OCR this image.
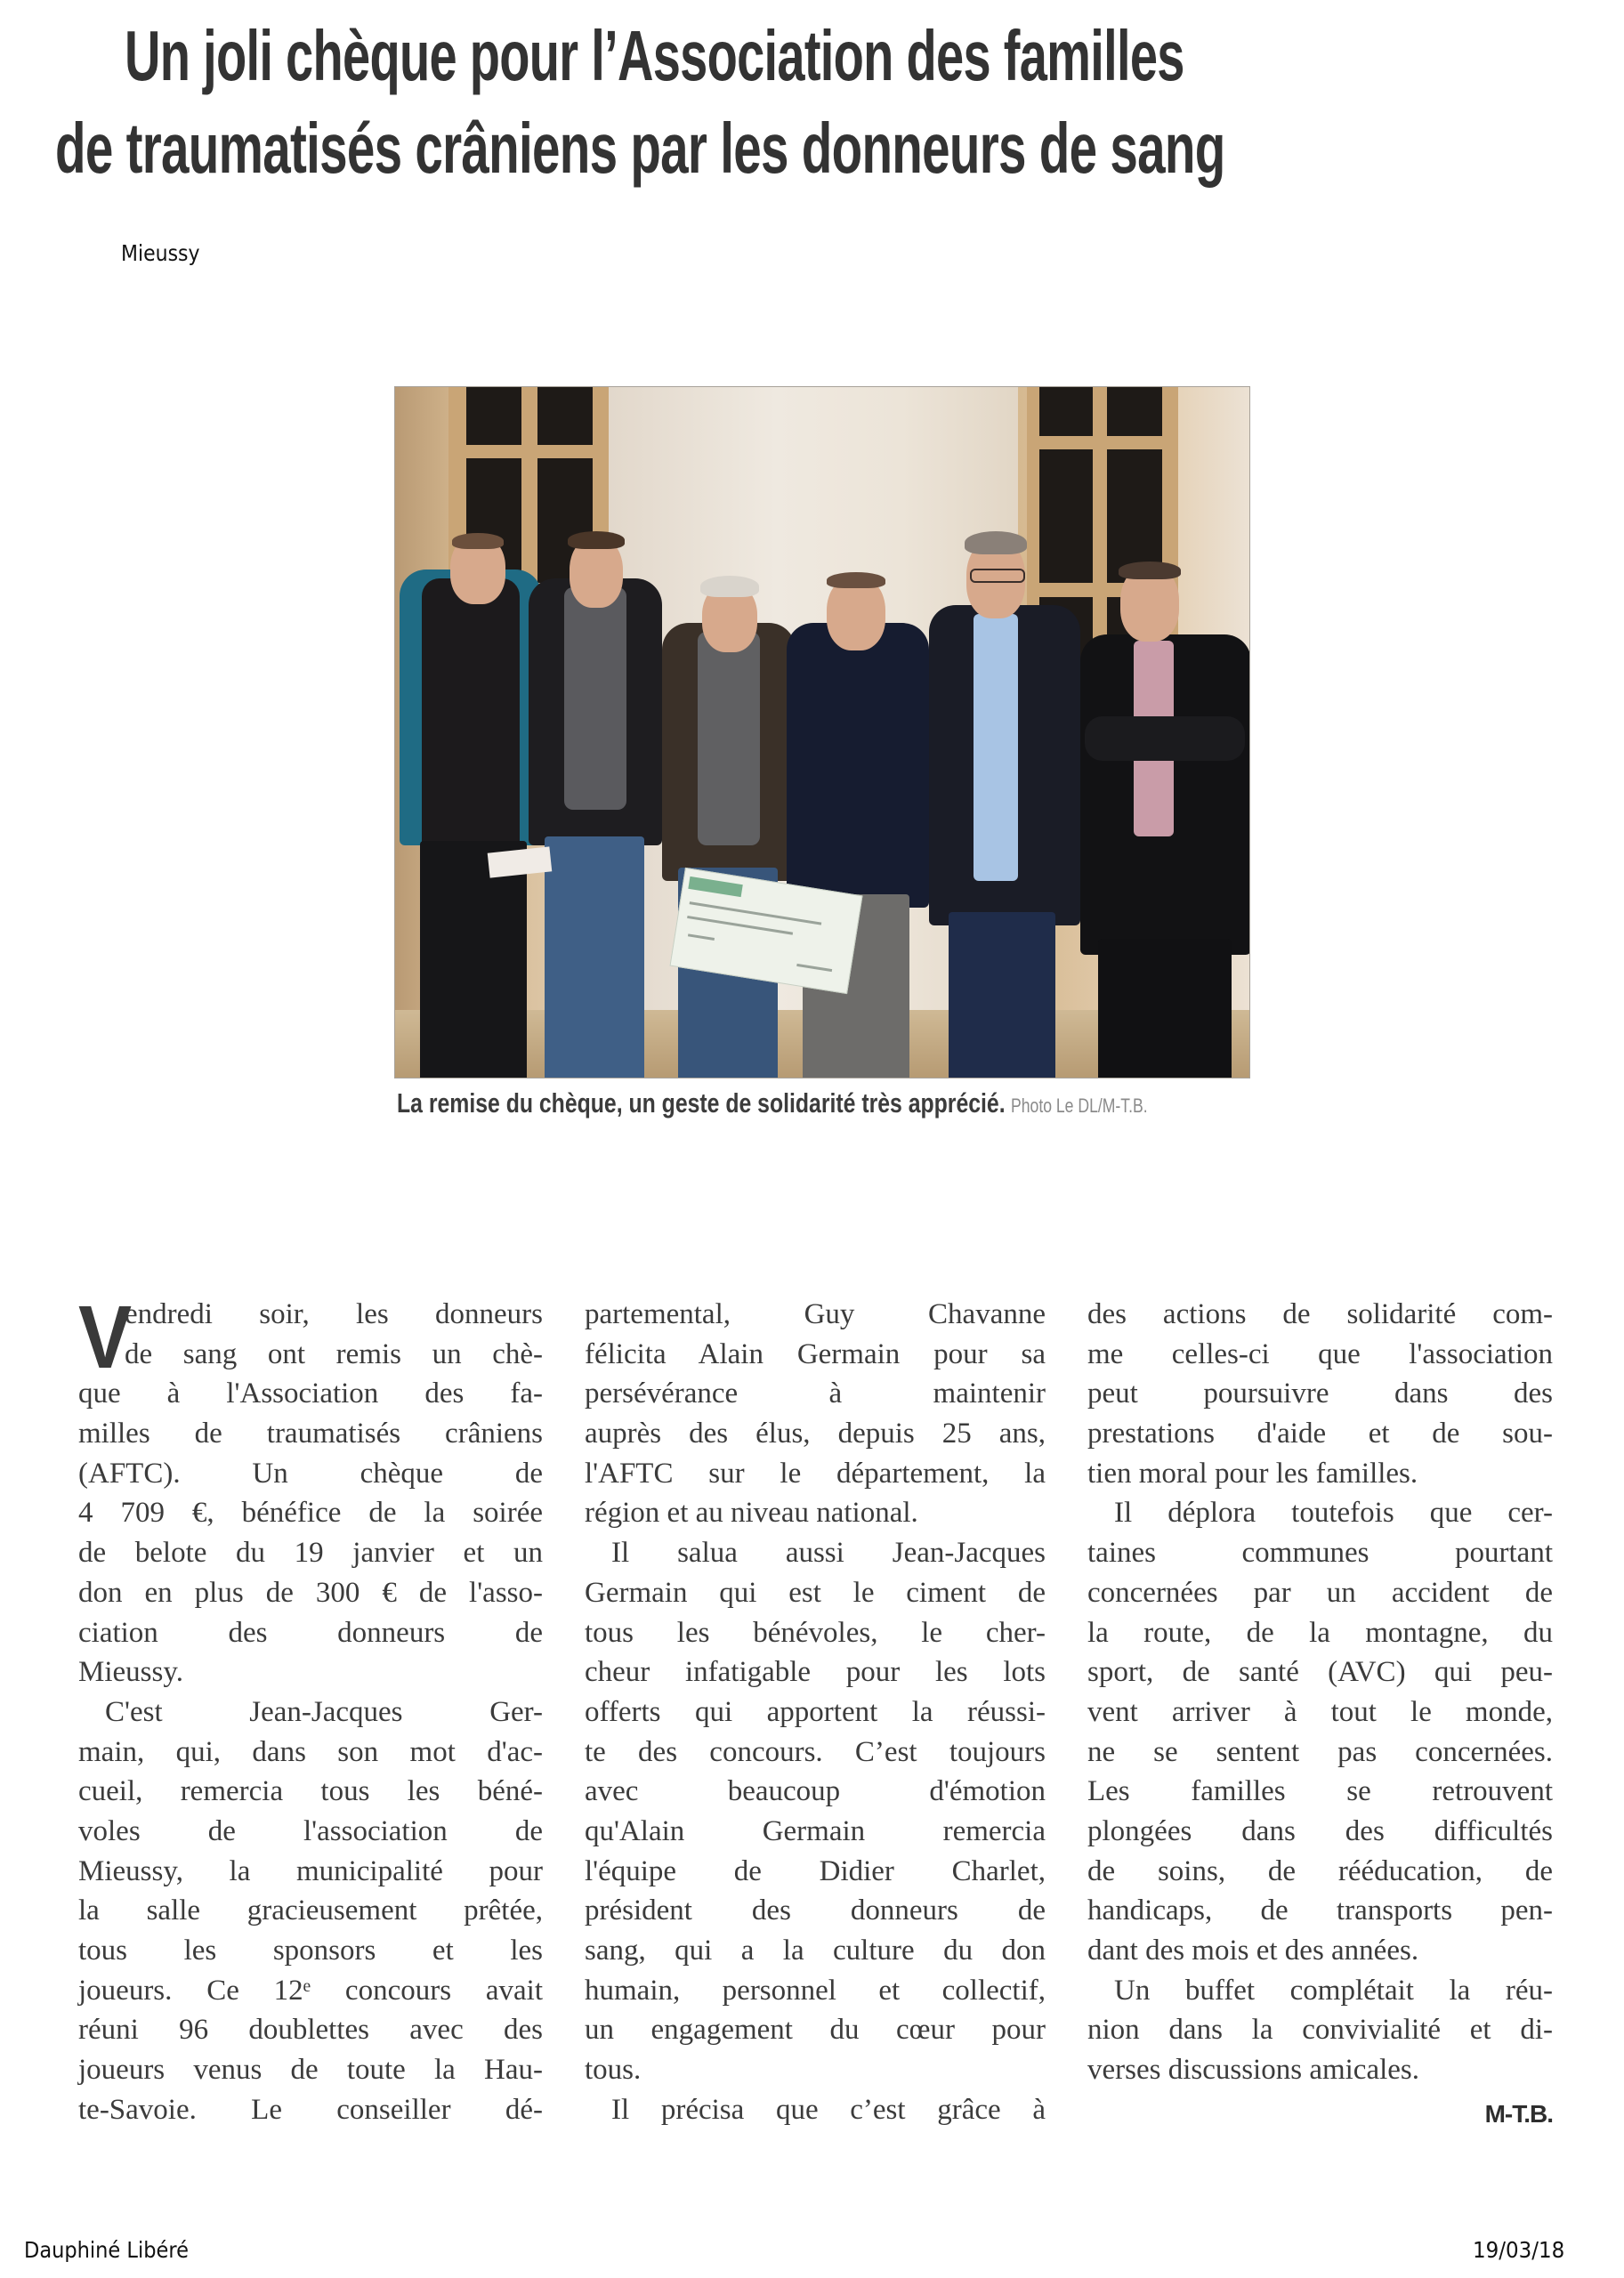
Un joli chèque pour l’Association des familles
de traumatisés crâniens par les donneurs de sang
Mieussy
La remise du chèque, un geste de solidarité très apprécié. Photo Le DL/M-T.B.
V
endredi soir, les donneurs
de sang ont remis un chè-
que à l'Association des fa-
milles de traumatisés crâniens
(AFTC). Un chèque de
4 709 €, bénéfice de la soirée
de belote du 19 janvier et un
don en plus de 300 € de l'asso-
ciation des donneurs de
Mieussy.
C'est Jean-Jacques Ger-
main, qui, dans son mot d'ac-
cueil, remercia tous les béné-
voles de l'association de
Mieussy, la municipalité pour
la salle gracieusement prêtée,
tous les sponsors et les
joueurs. Ce 12ᵉ concours avait
réuni 96 doublettes avec des
joueurs venus de toute la Hau-
te-Savoie. Le conseiller dé-
partemental, Guy Chavanne
félicita Alain Germain pour sa
persévérance à maintenir
auprès des élus, depuis 25 ans,
l'AFTC sur le département, la
région et au niveau national.
Il salua aussi Jean-Jacques
Germain qui est le ciment de
tous les bénévoles, le cher-
cheur infatigable pour les lots
offerts qui apportent la réussi-
te des concours. C’est toujours
avec beaucoup d'émotion
qu'Alain Germain remercia
l'équipe de Didier Charlet,
président des donneurs de
sang, qui a la culture du don
humain, personnel et collectif,
un engagement du cœur pour
tous.
Il précisa que c’est grâce à
des actions de solidarité com-
me celles-ci que l'association
peut poursuivre dans des
prestations d'aide et de sou-
tien moral pour les familles.
Il déplora toutefois que cer-
taines communes pourtant
concernées par un accident de
la route, de la montagne, du
sport, de santé (AVC) qui peu-
vent arriver à tout le monde,
ne se sentent pas concernées.
Les familles se retrouvent
plongées dans des difficultés
de soins, de rééducation, de
handicaps, de transports pen-
dant des mois et des années.
Un buffet complétait la réu-
nion dans la convivialité et di-
verses discussions amicales.
M-T.B.
Dauphiné Libéré	19/03/18
